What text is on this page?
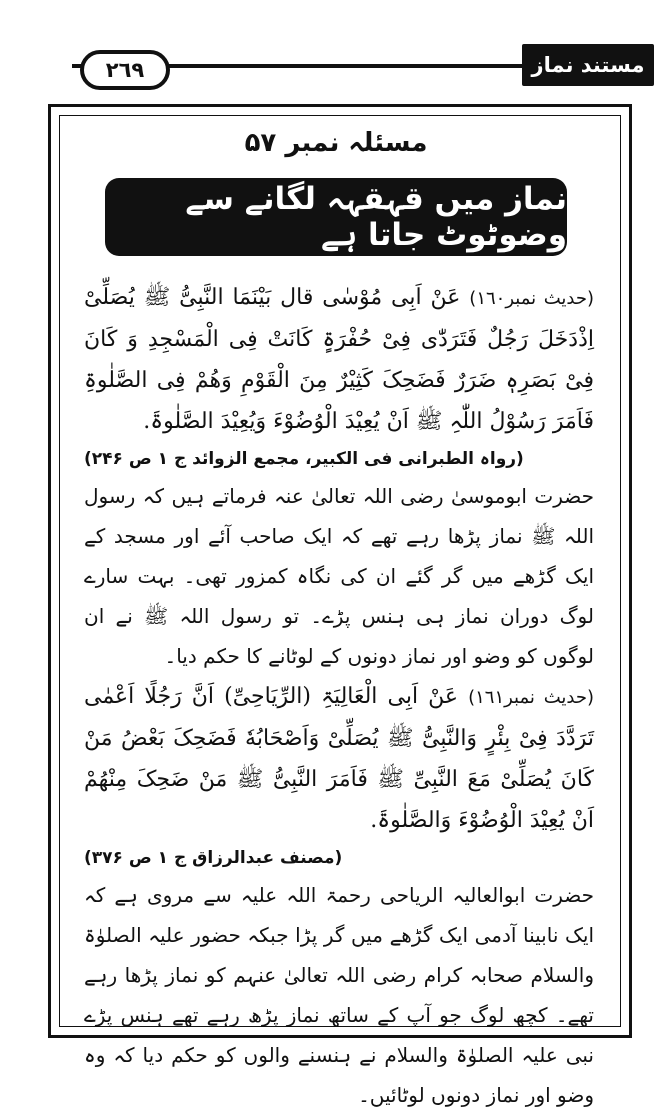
٢٦٩	مستند نماز حنفی
مسئلہ نمبر ۵۷
نماز میں قہقہہ لگانے سے وضوٹوٹ جاتا ہے

(حدیث نمبر١٦٠) عَنْ اَبِی مُوْسٰی قال بَیْنَمَا النَّبِیُّ ﷺ یُصَلِّیْ اِذْدَخَلَ رَجُلٌ فَتَرَدّٰی فِیْ حُفْرَۃٍ کَانَتْ فِی الْمَسْجِدِ وَ کَانَ فِیْ بَصَرِہٖ ضَرَرٌ فَضَحِکَ کَثِیْرٌ مِنَ الْقَوْمِ وَهُمْ فِی الصَّلٰوۃِ فَاَمَرَ رَسُوْلُ اللّٰہِ ﷺ اَنْ یُعِیْدَ الْوُضُوْءَ وَیُعِیْدَ الصَّلٰوۃَ.

(رواہ الطبرانی فی الکبیر، مجمع الزوائد ج ۱ ص ۲۴۶)

حضرت ابوموسیٰ رضی اللہ تعالیٰ عنہ فرماتے ہیں کہ رسول اللہ ﷺ نماز پڑھا رہے تھے کہ ایک صاحب آئے اور مسجد کے ایک گڑھے میں گر گئے ان کی نگاہ کمزور تھی۔ بہت سارے لوگ دوران نماز ہی ہنس پڑے۔ تو رسول اللہ ﷺ نے ان لوگوں کو وضو اور نماز دونوں کے لوٹانے کا حکم دیا۔

(حدیث نمبر١٦١) عَنْ اَبِی الْعَالِیَۃِ (الرِّیَاحِیِّ) اَنَّ رَجُلًا اَعْمٰی تَرَدَّدَ فِیْ بِئْرٍ وَالنَّبِیُّ ﷺ یُصَلِّیْ وَاَصْحَابُهٗ فَضَحِکَ بَعْضُ مَنْ کَانَ یُصَلِّیْ مَعَ النَّبِیِّ ﷺ فَاَمَرَ النَّبِیُّ ﷺ مَنْ ضَحِکَ مِنْهُمْ اَنْ یُعِیْدَ الْوُضُوْءَ وَالصَّلٰوۃَ.

(مصنف عبدالرزاق ج ۱ ص ۳۷۶)

حضرت ابوالعالیہ الریاحی رحمۃ اللہ علیہ سے مروی ہے کہ ایک نابینا آدمی ایک گڑھے میں گر پڑا جبکہ حضور علیہ الصلوٰۃ والسلام صحابہ کرام رضی اللہ تعالیٰ عنہم کو نماز پڑھا رہے تھے۔ کچھ لوگ جو آپ کے ساتھ نماز پڑھ رہے تھے ہنس پڑے نبی علیہ الصلوٰۃ والسلام نے ہنسنے والوں کو حکم دیا کہ وہ وضو اور نماز دونوں لوٹائیں۔
